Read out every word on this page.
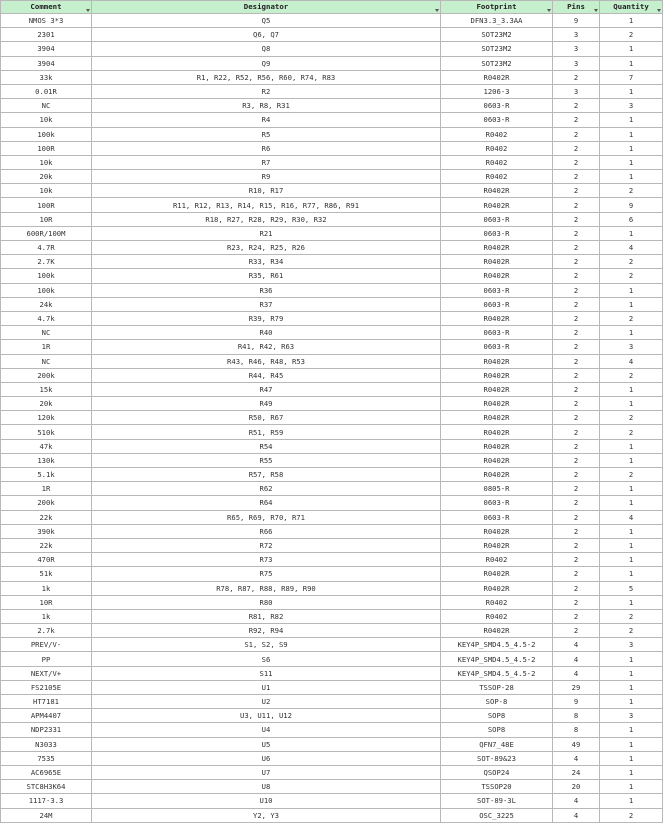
Comment	Designator	Footprint	Pins	Quantity

NMOS 3*3	Q5	DFN3.3_3.3AA	9	1
2301	Q6, Q7	SOT23M2	3	2
3904	Q8	SOT23M2	3	1
3904	Q9	SOT23M2	3	1
33k	R1, R22, R52, R56, R60, R74, R83	R0402R	2	7
0.01R	R2	1206-3	3	1
NC	R3, R8, R31	0603-R	2	3
10k	R4	0603-R	2	1
100k	R5	R0402	2	1
100R	R6	R0402	2	1
10k	R7	R0402	2	1
20k	R9	R0402	2	1
10k	R10, R17	R0402R	2	2
100R	R11, R12, R13, R14, R15, R16, R77, R86, R91	R0402R	2	9
10R	R18, R27, R28, R29, R30, R32	0603-R	2	6
600R/100M	R21	0603-R	2	1
4.7R	R23, R24, R25, R26	R0402R	2	4
2.7K	R33, R34	R0402R	2	2
100k	R35, R61	R0402R	2	2
100k	R36	0603-R	2	1
24k	R37	0603-R	2	1
4.7k	R39, R79	R0402R	2	2
NC	R40	0603-R	2	1
1R	R41, R42, R63	0603-R	2	3
NC	R43, R46, R48, R53	R0402R	2	4
200k	R44, R45	R0402R	2	2
15k	R47	R0402R	2	1
20k	R49	R0402R	2	1
120k	R50, R67	R0402R	2	2
510k	R51, R59	R0402R	2	2
47k	R54	R0402R	2	1
130k	R55	R0402R	2	1
5.1k	R57, R58	R0402R	2	2
1R	R62	0805-R	2	1
200k	R64	0603-R	2	1
22k	R65, R69, R70, R71	0603-R	2	4
390k	R66	R0402R	2	1
22k	R72	R0402R	2	1
470R	R73	R0402	2	1
51k	R75	R0402R	2	1
1k	R78, R87, R88, R89, R90	R0402R	2	5
10R	R80	R0402	2	1
1k	R81, R82	R0402	2	2
2.7k	R92, R94	R0402R	2	2
PREV/V-	S1, S2, S9	KEY4P_SMD4.5_4.5-2	4	3
PP	S6	KEY4P_SMD4.5_4.5-2	4	1
NEXT/V+	S11	KEY4P_SMD4.5_4.5-2	4	1
FS2105E	U1	TSSOP-28	29	1
HT7181	U2	SOP-8	9	1
APM4407	U3, U11, U12	SOP8	8	3
NDP2331	U4	SOP8	8	1
N3033	U5	QFN7_48E	49	1
7535	U6	SOT-89&23	4	1
AC6965E	U7	QSOP24	24	1
STC8H3K64	U8	TSSOP20	20	1
1117-3.3	U10	SOT-89-3L	4	1
24M	Y2, Y3	OSC_3225	4	2
